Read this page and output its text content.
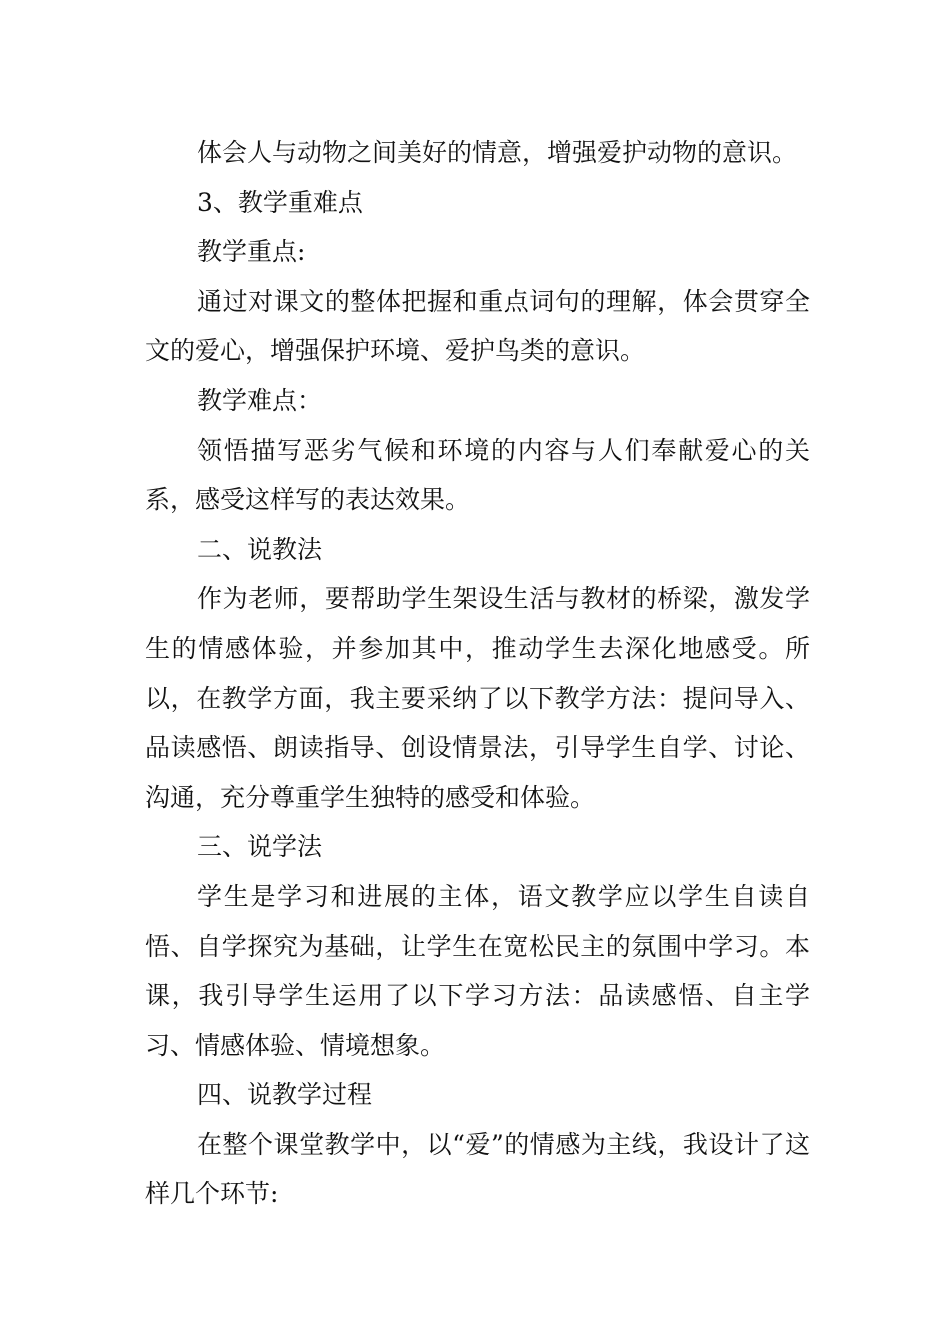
体会人与动物之间美好的情意，增强爱护动物的意识。

3、教学重难点

教学重点:

通过对课文的整体把握和重点词句的理解，体会贯穿全文的爱心，增强保护环境、爱护鸟类的意识。

教学难点：

领悟描写恶劣气候和环境的内容与人们奉献爱心的关系，感受这样写的表达效果。

二、说教法

作为老师，要帮助学生架设生活与教材的桥梁，激发学生的情感体验，并参加其中，推动学生去深化地感受。所以，在教学方面，我主要采纳了以下教学方法：提问导入、品读感悟、朗读指导、创设情景法，引导学生自学、讨论、沟通，充分尊重学生独特的感受和体验。

三、说学法

学生是学习和进展的主体，语文教学应以学生自读自悟、自学探究为基础，让学生在宽松民主的氛围中学习。本课，我引导学生运用了以下学习方法：品读感悟、自主学习、情感体验、情境想象。

四、说教学过程

在整个课堂教学中，以“爱”的情感为主线，我设计了这样几个环节:
